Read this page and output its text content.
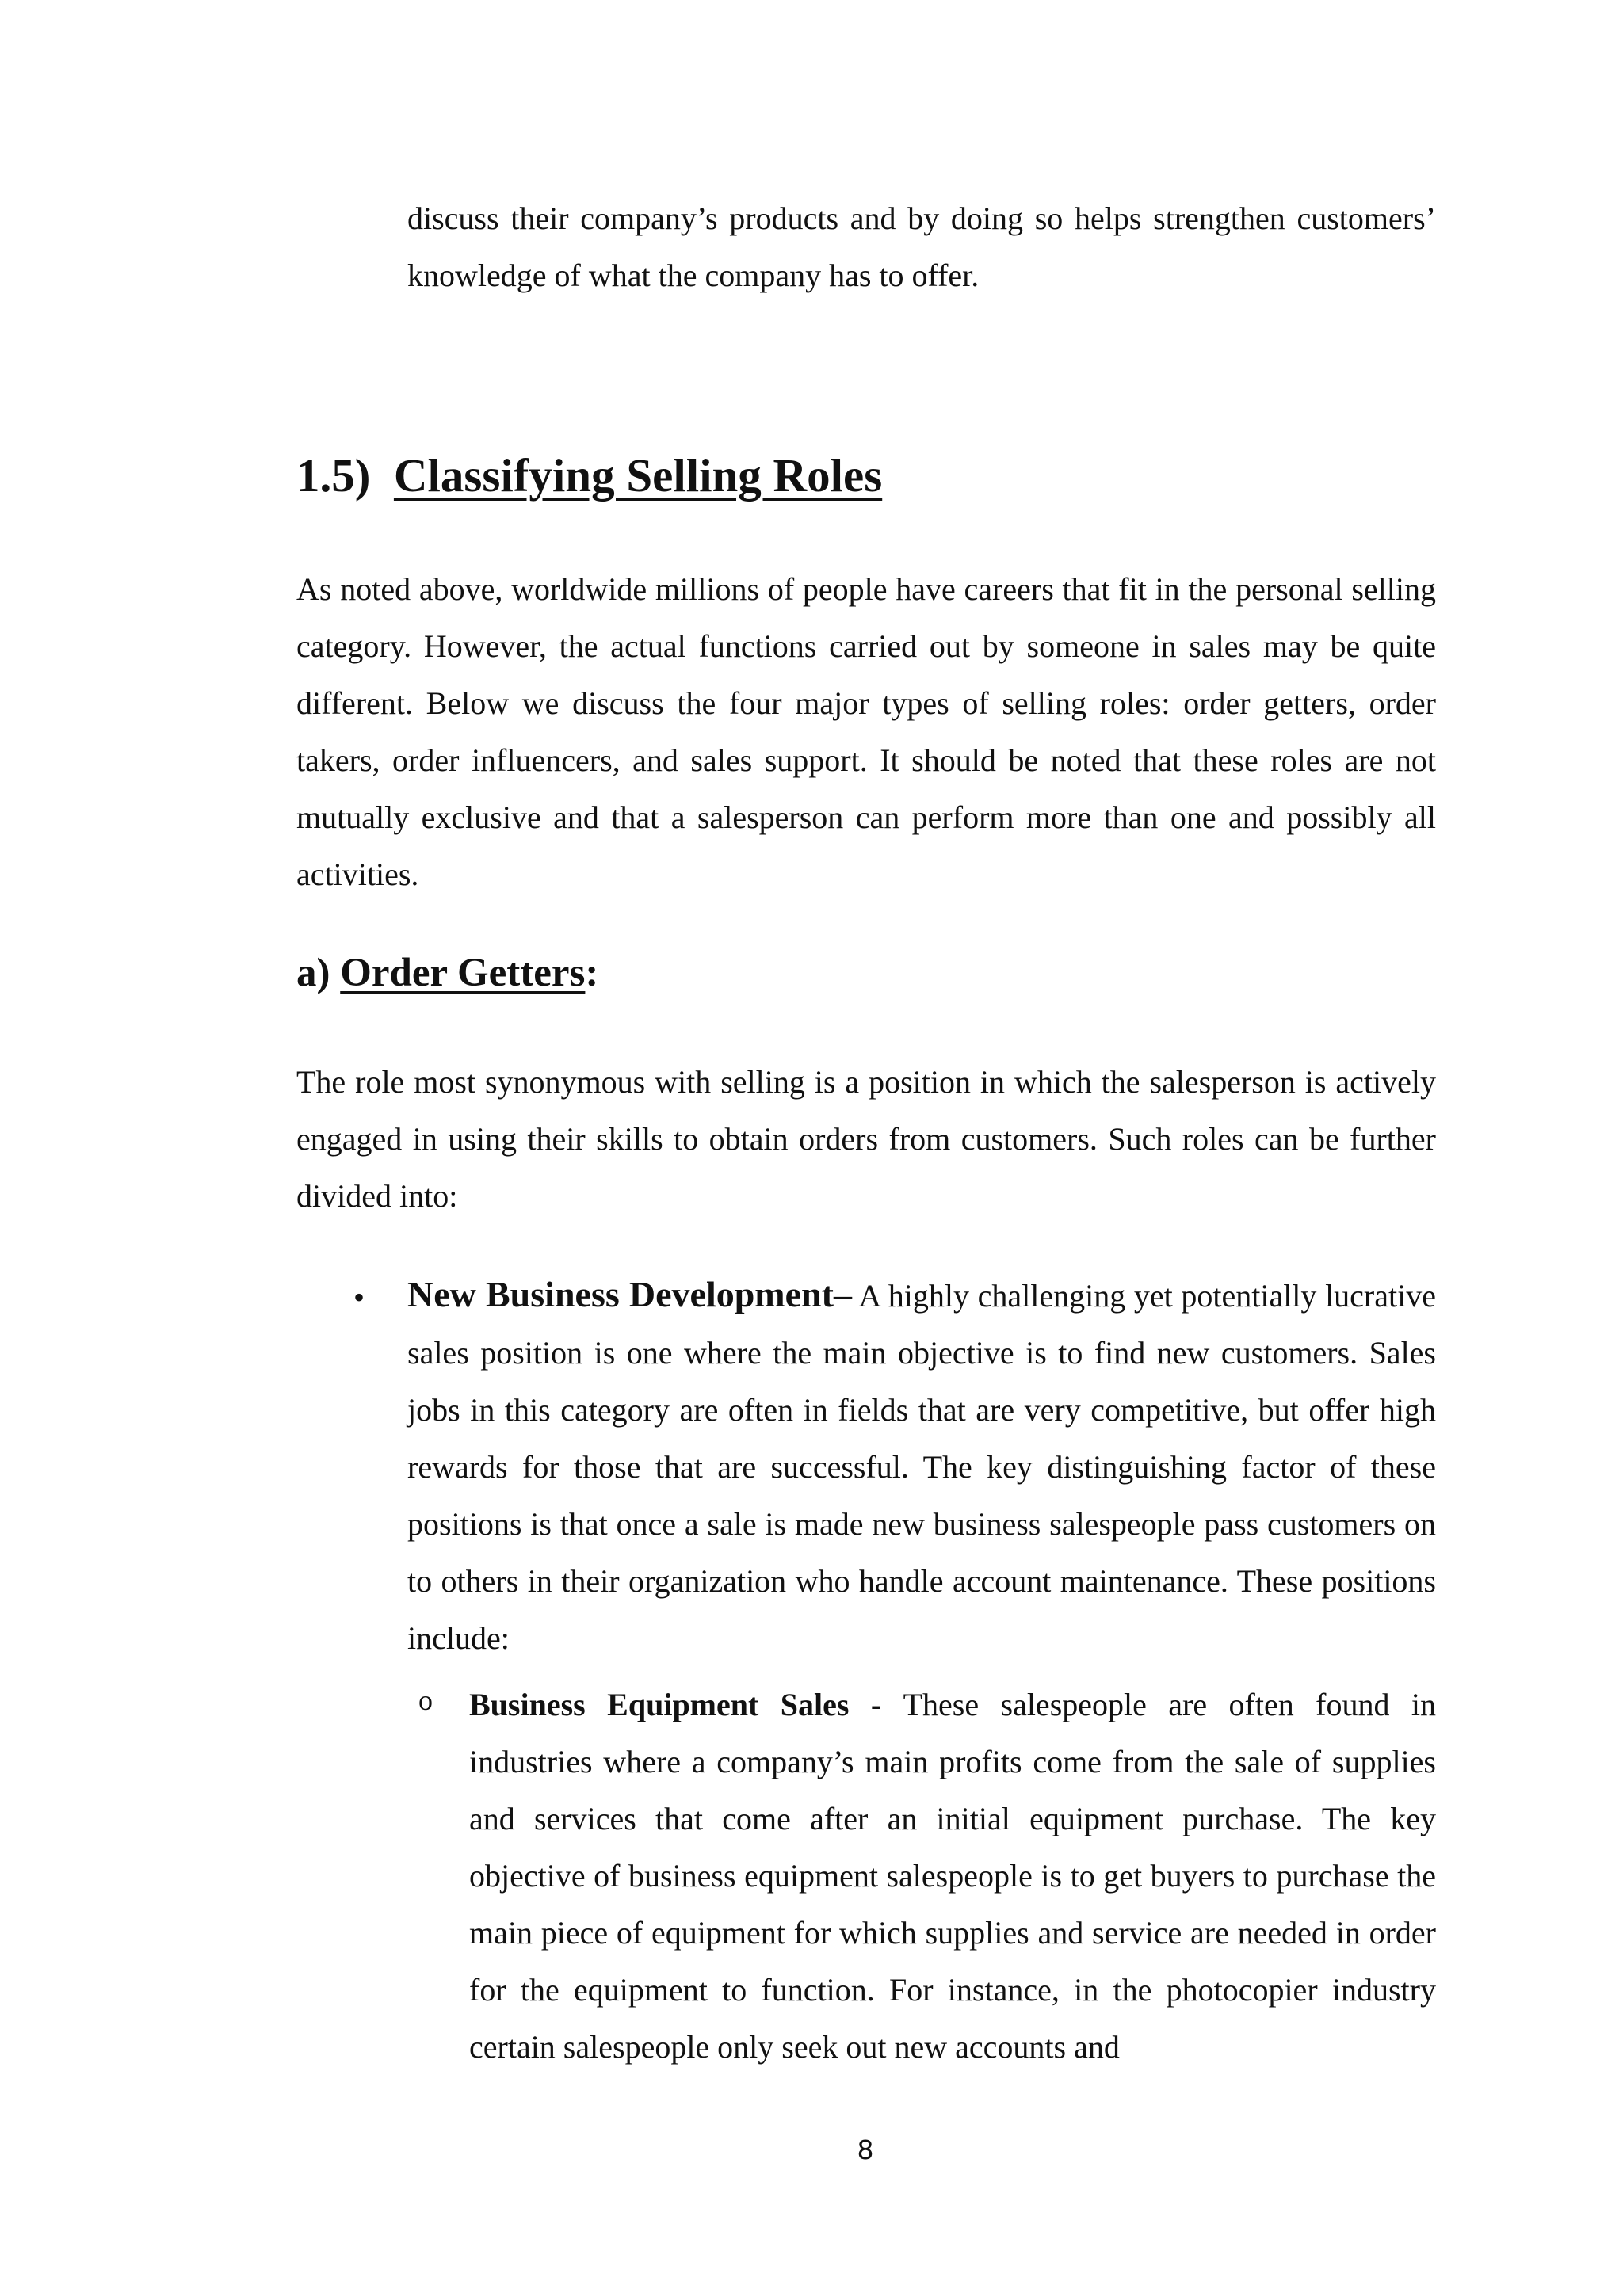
discuss their company’s products and by doing so helps strengthen customers’ knowledge of what the company has to offer.
1.5) Classifying Selling Roles
As noted above, worldwide millions of people have careers that fit in the personal selling category. However, the actual functions carried out by someone in sales may be quite different. Below we discuss the four major types of selling roles: order getters, order takers, order influencers, and sales support. It should be noted that these roles are not mutually exclusive and that a salesperson can perform more than one and possibly all activities.
a) Order Getters:
The role most synonymous with selling is a position in which the salesperson is actively engaged in using their skills to obtain orders from customers. Such roles can be further divided into:
• New Business Development– A highly challenging yet potentially lucrative sales position is one where the main objective is to find new customers. Sales jobs in this category are often in fields that are very competitive, but offer high rewards for those that are successful. The key distinguishing factor of these positions is that once a sale is made new business salespeople pass customers on to others in their organization who handle account maintenance. These positions include:
o Business Equipment Sales - These salespeople are often found in industries where a company’s main profits come from the sale of supplies and services that come after an initial equipment purchase. The key objective of business equipment salespeople is to get buyers to purchase the main piece of equipment for which supplies and service are needed in order for the equipment to function. For instance, in the photocopier industry certain salespeople only seek out new accounts and
8
